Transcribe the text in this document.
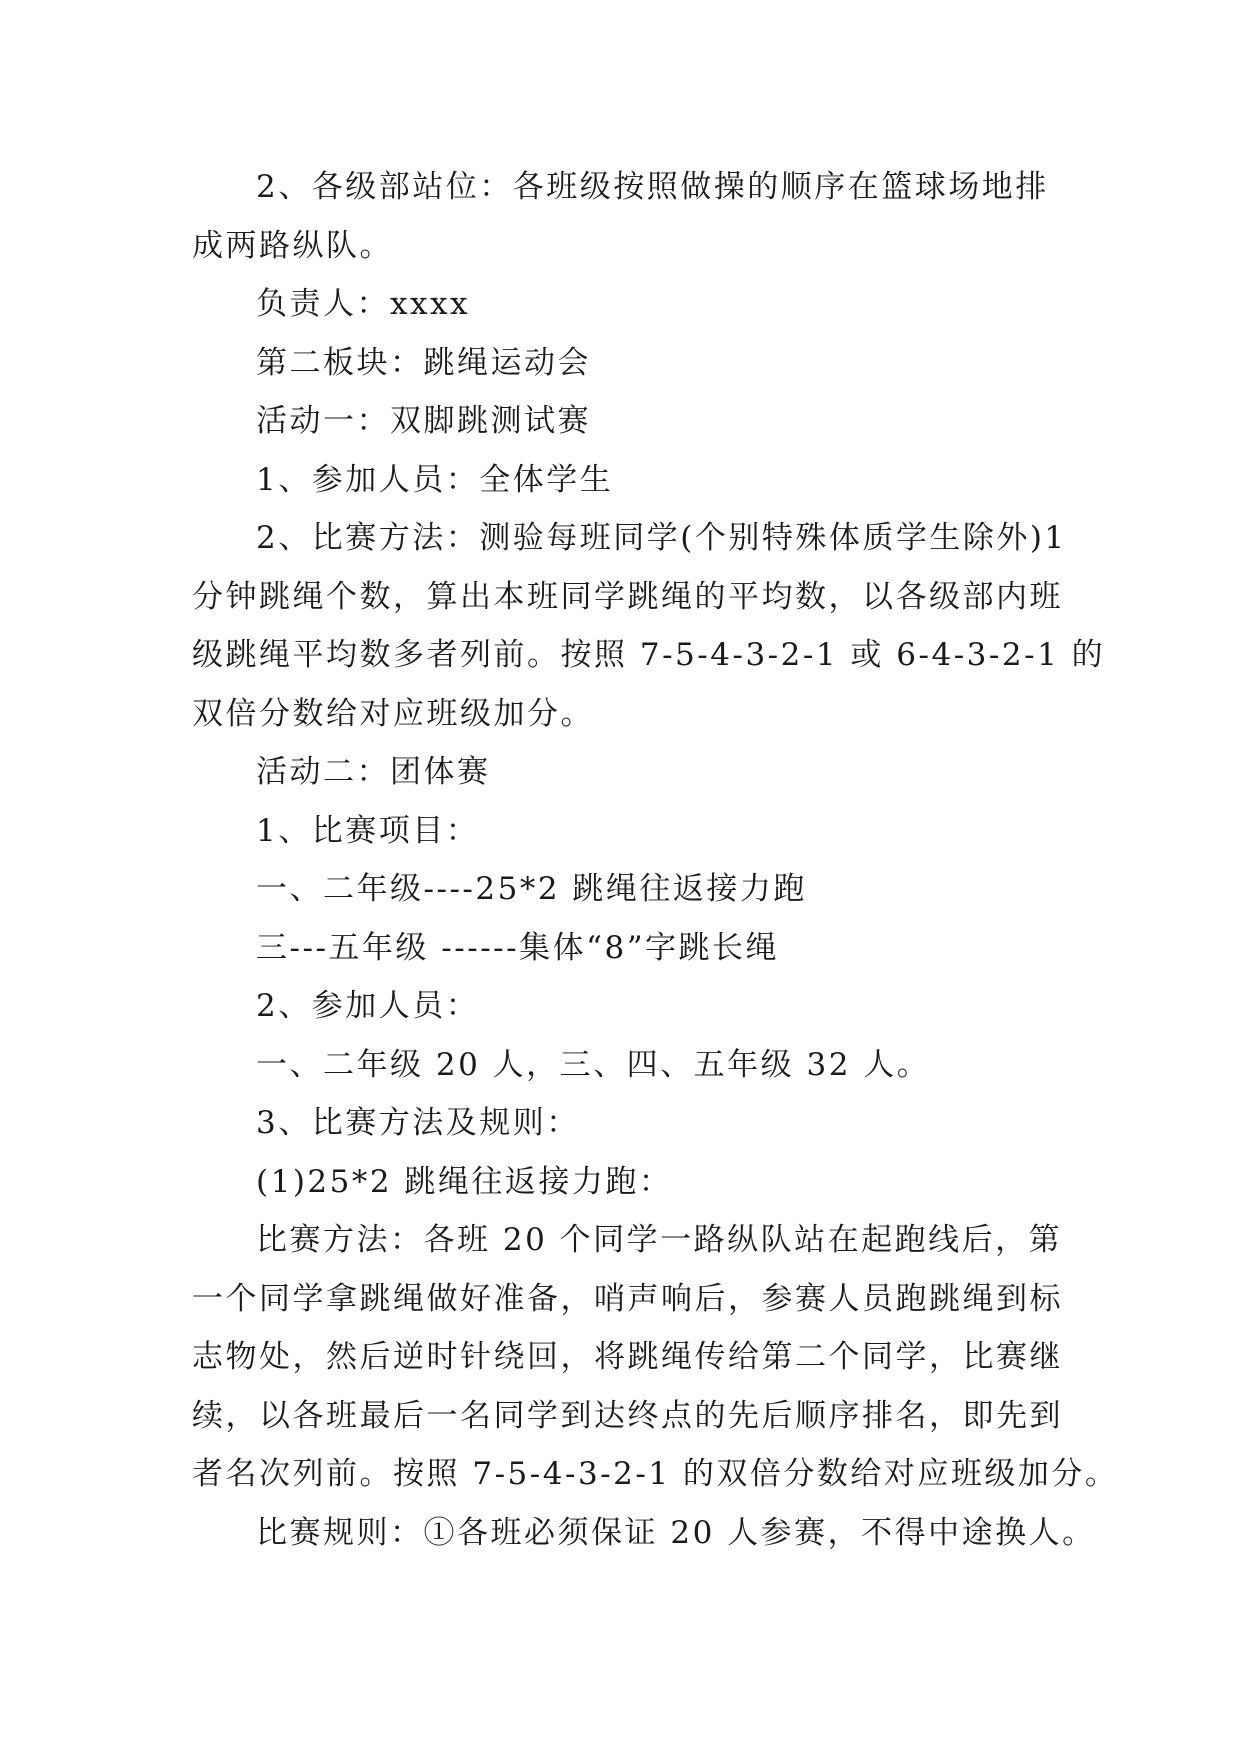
2、各级部站位：各班级按照做操的顺序在篮球场地排
成两路纵队。
负责人：xxxx
第二板块：跳绳运动会
活动一：双脚跳测试赛
1、参加人员：全体学生
2、比赛方法：测验每班同学(个别特殊体质学生除外)1
分钟跳绳个数，算出本班同学跳绳的平均数，以各级部内班
级跳绳平均数多者列前。按照 7-5-4-3-2-1 或 6-4-3-2-1 的
双倍分数给对应班级加分。
活动二：团体赛
1、比赛项目：
一、二年级----25*2 跳绳往返接力跑
三---五年级 ------集体“8”字跳长绳
2、参加人员：
一、二年级 20 人，三、四、五年级 32 人。
3、比赛方法及规则：
(1)25*2 跳绳往返接力跑：
比赛方法：各班 20 个同学一路纵队站在起跑线后，第
一个同学拿跳绳做好准备，哨声响后，参赛人员跑跳绳到标
志物处，然后逆时针绕回，将跳绳传给第二个同学，比赛继
续，以各班最后一名同学到达终点的先后顺序排名，即先到
者名次列前。按照 7-5-4-3-2-1 的双倍分数给对应班级加分。
比赛规则：①各班必须保证 20 人参赛，不得中途换人。
